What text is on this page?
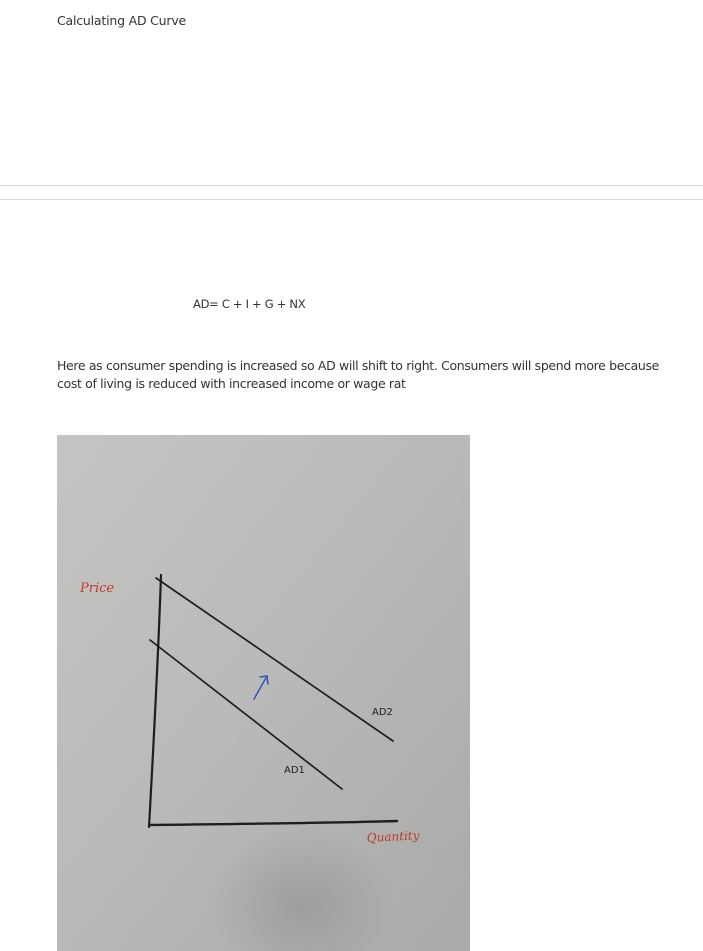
Calculating AD Curve
AD= C + I + G + NX
Here as consumer spending is increased so AD will shift to right. Consumers will spend more because cost of living is reduced with increased income or wage rat
Price
Quantity
AD1
AD2
